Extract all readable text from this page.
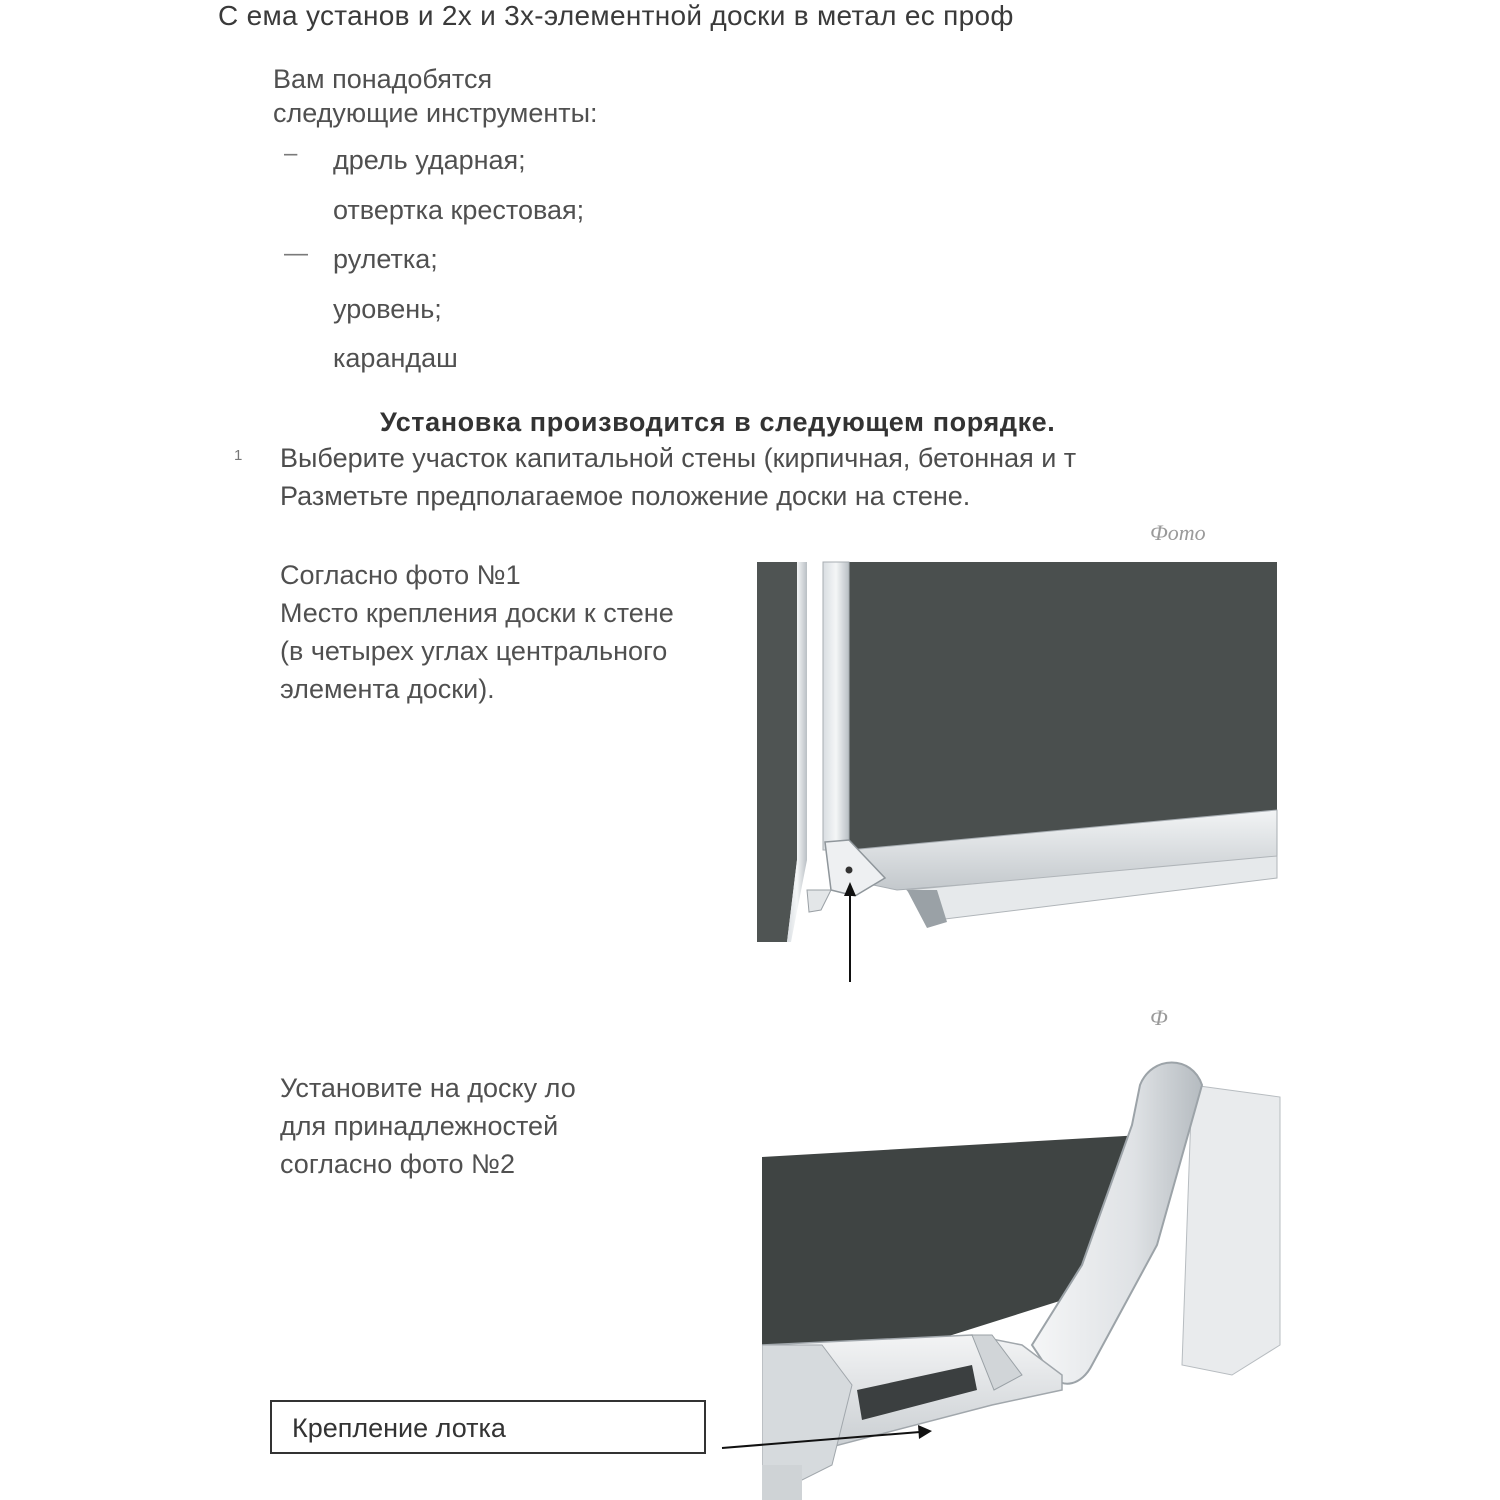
С ема установ и 2х и 3х-элементной доски в метал ес проф
Вам понадобятся
следующие инструменты:
– дрель ударная;
отвертка крестовая;
— рулетка;
уровень;
карандаш
Установка производится в следующем порядке.
1 Выберите участок капитальной стены (кирпичная, бетонная и т
Разметьте предполагаемое положение доски на стене.
Фото
Согласно фото №1
Место крепления доски к стене
(в четырех углах центрального
элемента доски).
Ф
Установите на доску ло
для принадлежностей
согласно фото №2
Крепление лотка
